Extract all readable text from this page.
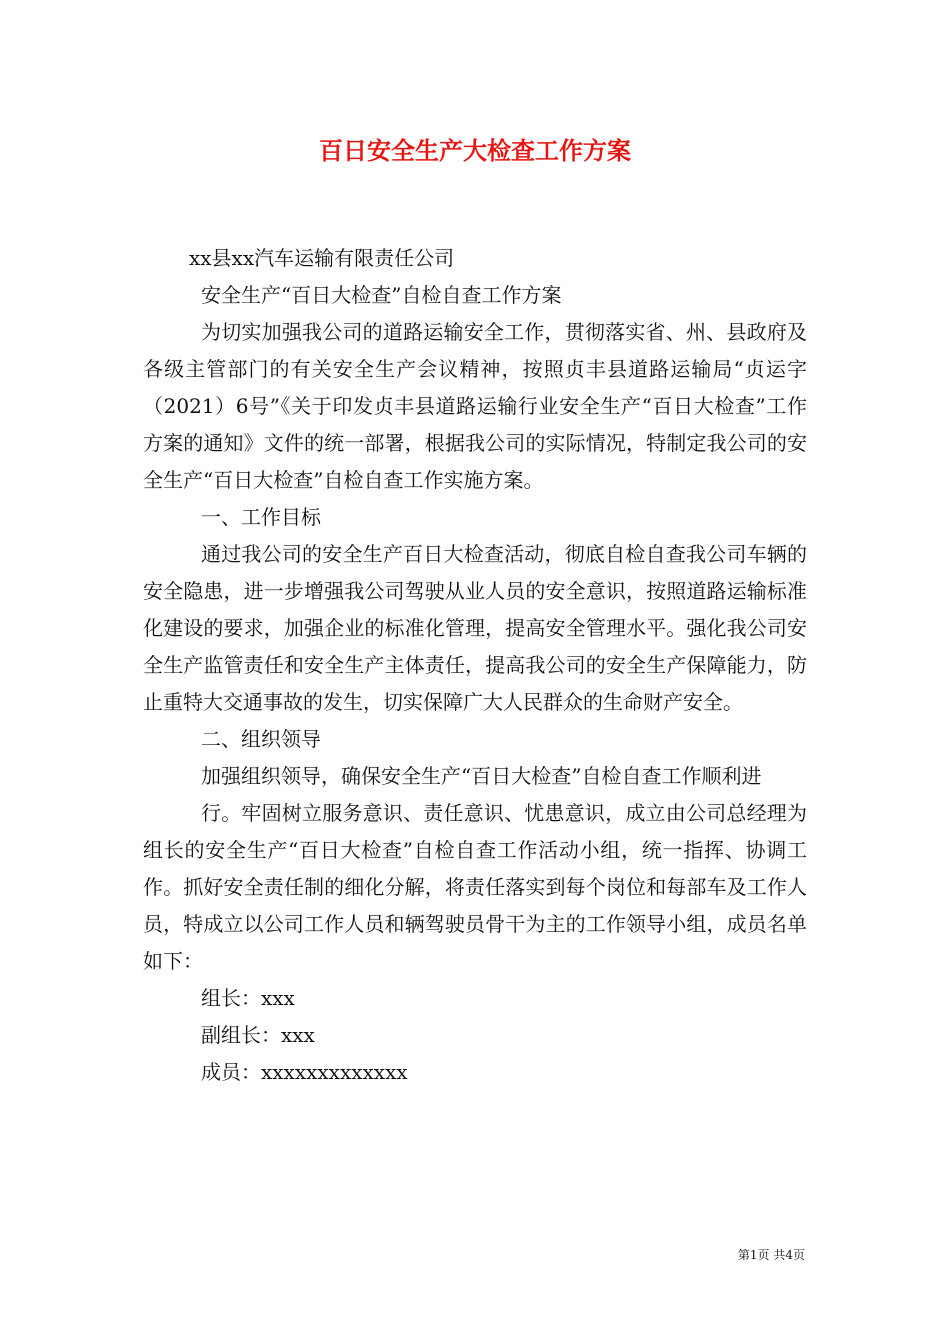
百日安全生产大检查工作方案

xx县xx汽车运输有限责任公司

安全生产“百日大检查”自检自查工作方案

为切实加强我公司的道路运输安全工作，贯彻落实省、州、县政府及各级主管部门的有关安全生产会议精神，按照贞丰县道路运输局“贞运字（2021）6号”《关于印发贞丰县道路运输行业安全生产“百日大检查”工作方案的通知》文件的统一部署，根据我公司的实际情况，特制定我公司的安全生产“百日大检查”自检自查工作实施方案。

一、工作目标

通过我公司的安全生产百日大检查活动，彻底自检自查我公司车辆的安全隐患，进一步增强我公司驾驶从业人员的安全意识，按照道路运输标准化建设的要求，加强企业的标准化管理，提高安全管理水平。强化我公司安全生产监管责任和安全生产主体责任，提高我公司的安全生产保障能力，防止重特大交通事故的发生，切实保障广大人民群众的生命财产安全。

二、组织领导

加强组织领导，确保安全生产“百日大检查”自检自查工作顺利进

行。牢固树立服务意识、责任意识、忧患意识，成立由公司总经理为组长的安全生产“百日大检查”自检自查工作活动小组，统一指挥、协调工作。抓好安全责任制的细化分解，将责任落实到每个岗位和每部车及工作人员，特成立以公司工作人员和辆驾驶员骨干为主的工作领导小组，成员名单如下：

组长：xxx

副组长：xxx

成员：xxxxxxxxxxxxx

第1页 共4页
